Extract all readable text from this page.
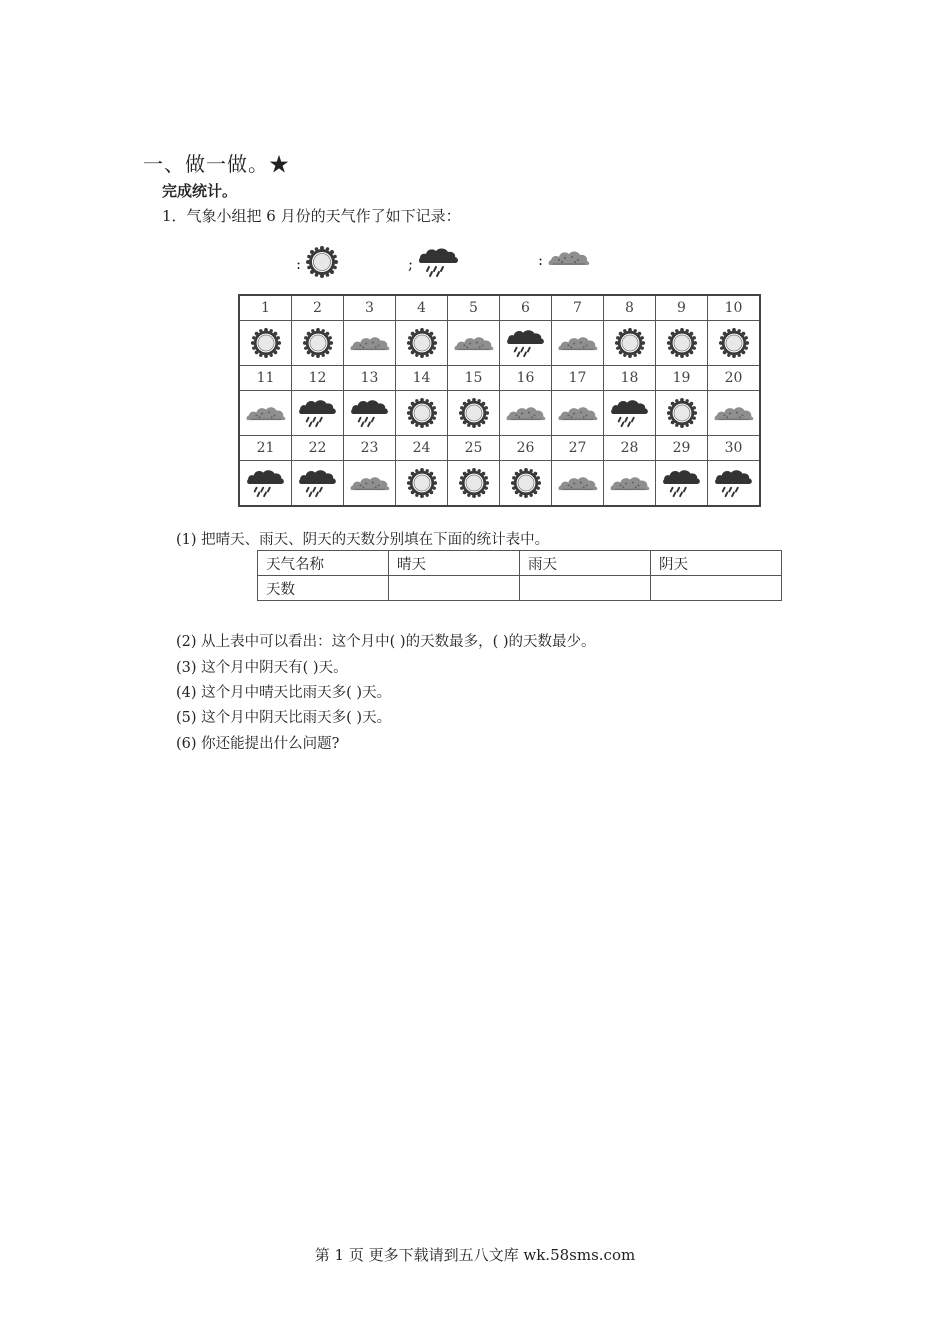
一、做一做。★
完成统计。
1．气象小组把 6 月份的天气作了如下记录：
:	;	:
1	2	3	4	5	6	7	8	9	10

11	12	13	14	15	16	17	18	19	20

21	22	23	24	25	26	27	28	29	30

(1) 把晴天、雨天、阴天的天数分别填在下面的统计表中。
天气名称	晴天	雨天	阴天
天数			
(2) 从上表中可以看出：这个月中( )的天数最多，( )的天数最少。
(3) 这个月中阴天有( )天。
(4) 这个月中晴天比雨天多( )天。
(5) 这个月中阴天比雨天多( )天。
(6) 你还能提出什么问题?
第 1 页 更多下载请到五八文库 wk.58sms.com
